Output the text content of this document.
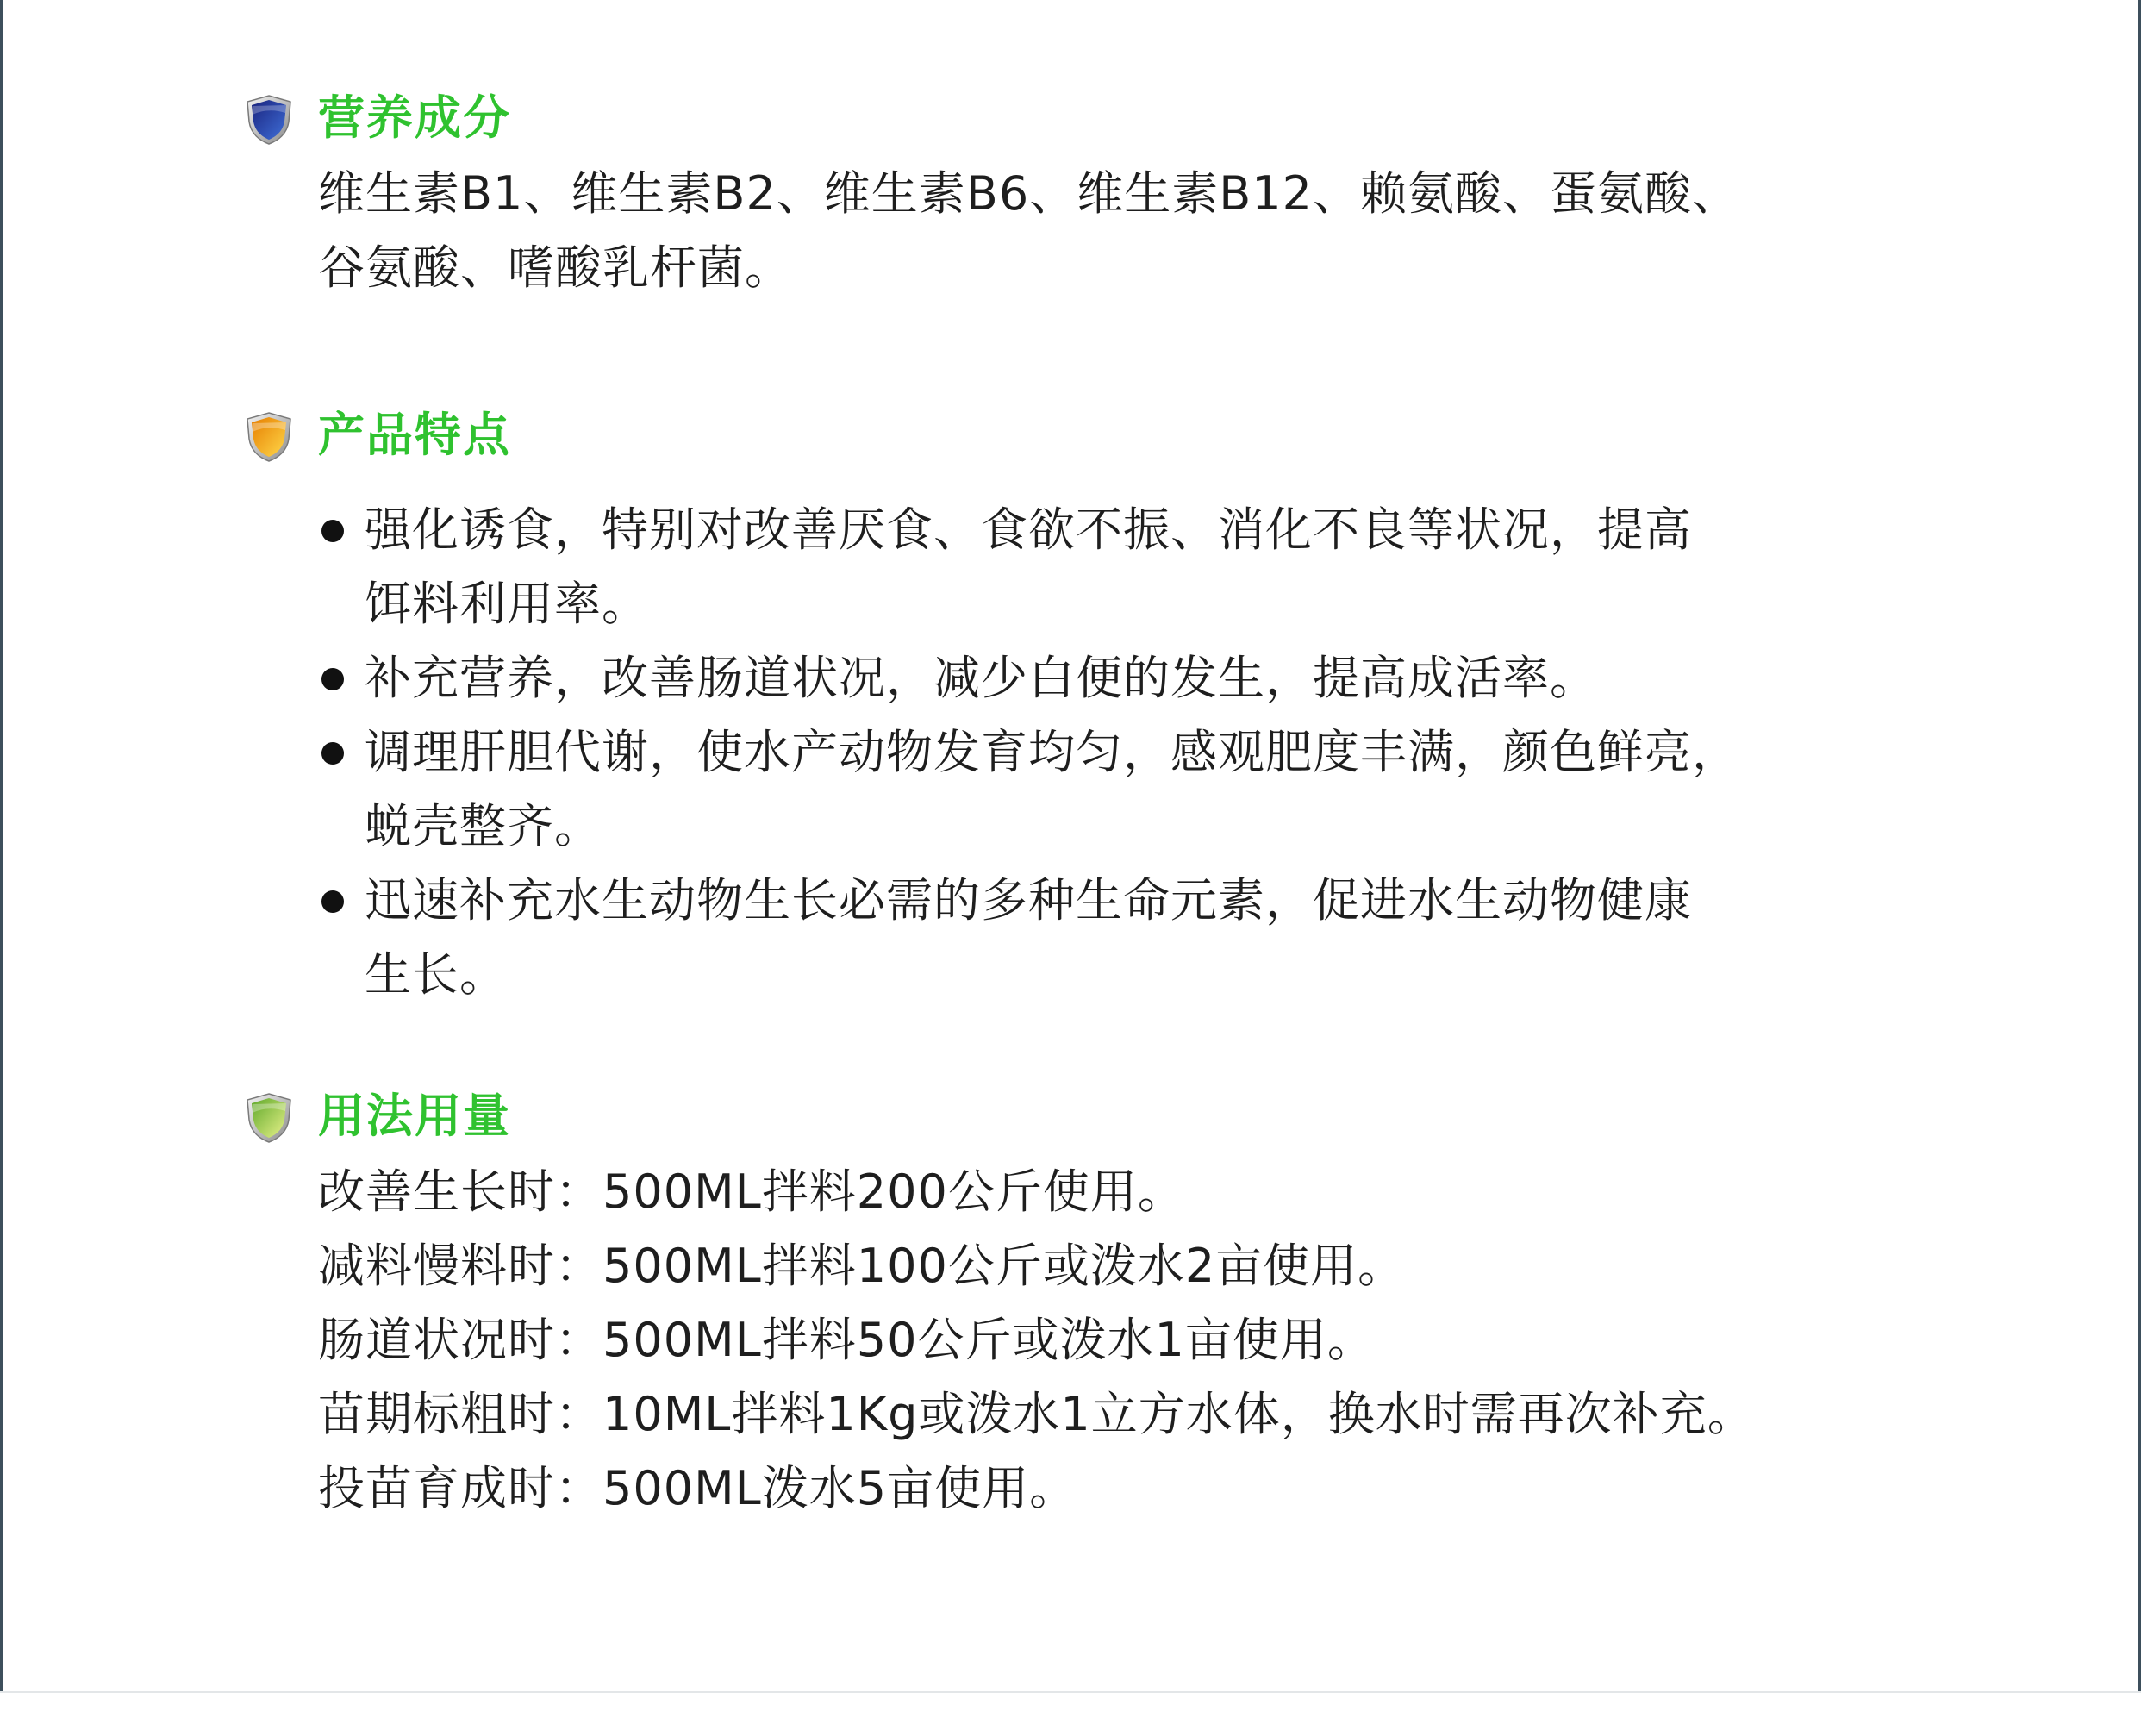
营养成分
维生素B1、维生素B2、维生素B6、维生素B12、赖氨酸、蛋氨酸、
谷氨酸、嗜酸乳杆菌。
产品特点
强化诱食，特别对改善厌食、食欲不振、消化不良等状况，提高
饵料利用率。
补充营养，改善肠道状况，减少白便的发生，提高成活率。
调理肝胆代谢，使水产动物发育均匀，感观肥度丰满，颜色鲜亮，
蜕壳整齐。
迅速补充水生动物生长必需的多种生命元素，促进水生动物健康
生长。
用法用量
改善生长时：500ML拌料200公斤使用。
减料慢料时：500ML拌料100公斤或泼水2亩使用。
肠道状况时：500ML拌料50公斤或泼水1亩使用。
苗期标粗时：10ML拌料1Kg或泼水1立方水体，换水时需再次补充。
投苗育成时：500ML泼水5亩使用。
